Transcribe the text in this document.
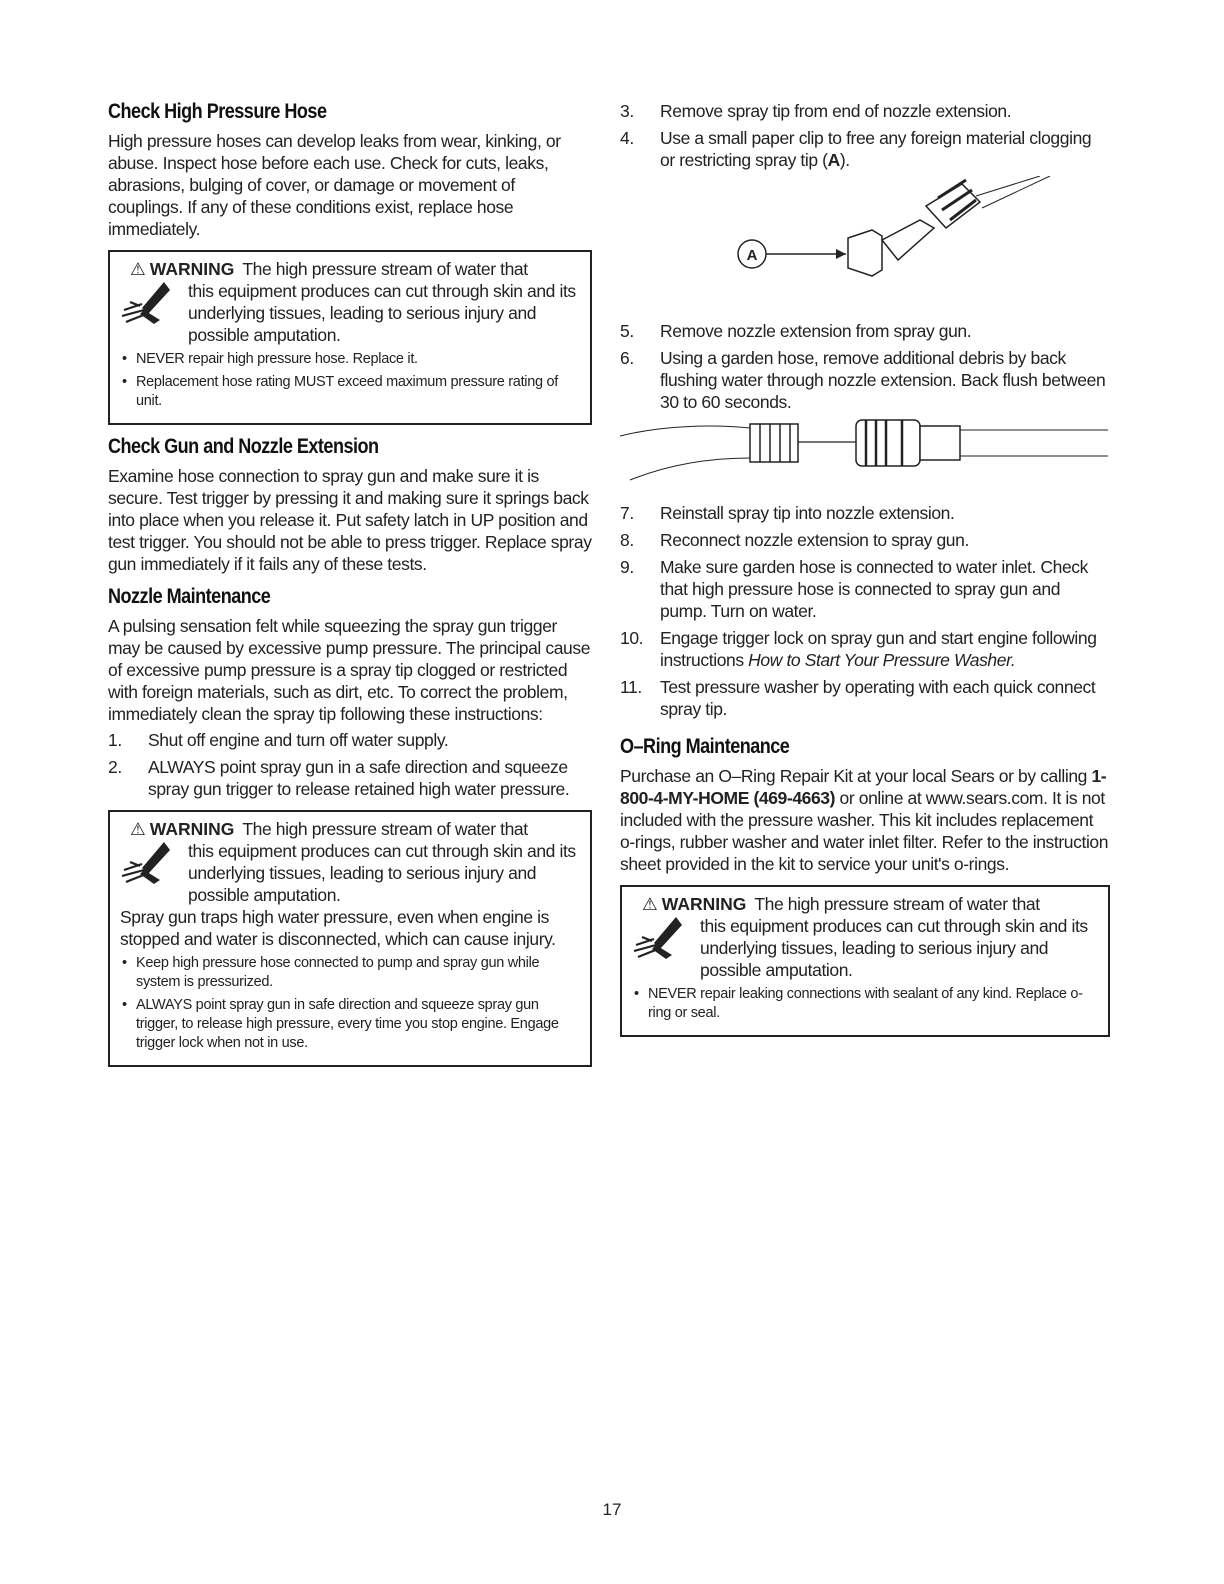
Check High Pressure Hose

High pressure hoses can develop leaks from wear, kinking, or abuse. Inspect hose before each use. Check for cuts, leaks, abrasions, bulging of cover, or damage or movement of couplings. If any of these conditions exist, replace hose immediately.

⚠ WARNING The high pressure stream of water that
this equipment produces can cut through skin and its underlying tissues, leading to serious injury and possible amputation.
• NEVER repair high pressure hose. Replace it.
• Replacement hose rating MUST exceed maximum pressure rating of unit.
Check Gun and Nozzle Extension

Examine hose connection to spray gun and make sure it is secure. Test trigger by pressing it and making sure it springs back into place when you release it. Put safety latch in UP position and test trigger. You should not be able to press trigger. Replace spray gun immediately if it fails any of these tests.

Nozzle Maintenance

A pulsing sensation felt while squeezing the spray gun trigger may be caused by excessive pump pressure. The principal cause of excessive pump pressure is a spray tip clogged or restricted with foreign materials, such as dirt, etc. To correct the problem, immediately clean the spray tip following these instructions:

1.	Shut off engine and turn off water supply.
2.	ALWAYS point spray gun in a safe direction and squeeze spray gun trigger to release retained high water pressure.
⚠ WARNING The high pressure stream of water that
this equipment produces can cut through skin and its underlying tissues, leading to serious injury and possible amputation.

Spray gun traps high water pressure, even when engine is stopped and water is disconnected, which can cause injury.

• Keep high pressure hose connected to pump and spray gun while system is pressurized.
• ALWAYS point spray gun in safe direction and squeeze spray gun trigger, to release high pressure, every time you stop engine. Engage trigger lock when not in use.
3.	Remove spray tip from end of nozzle extension.
4.	Use a small paper clip to free any foreign material clogging or restricting spray tip (A).
A
5.	Remove nozzle extension from spray gun.
6.	Using a garden hose, remove additional debris by back flushing water through nozzle extension. Back flush between 30 to 60 seconds.
7.	Reinstall spray tip into nozzle extension.
8.	Reconnect nozzle extension to spray gun.
9.	Make sure garden hose is connected to water inlet. Check that high pressure hose is connected to spray gun and pump. Turn on water.
10. Engage trigger lock on spray gun and start engine following instructions How to Start Your Pressure Washer.
11.	Test pressure washer by operating with each quick connect spray tip.
O–Ring Maintenance

Purchase an O–Ring Repair Kit at your local Sears or by calling 1-800-4-MY-HOME (469-4663) or online at www.sears.com. It is not included with the pressure washer. This kit includes replacement o-rings, rubber washer and water inlet filter. Refer to the instruction sheet provided in the kit to service your unit's o-rings.

⚠ WARNING The high pressure stream of water that
this equipment produces can cut through skin and its underlying tissues, leading to serious injury and possible amputation.
• NEVER repair leaking connections with sealant of any kind. Replace o-ring or seal.
17
